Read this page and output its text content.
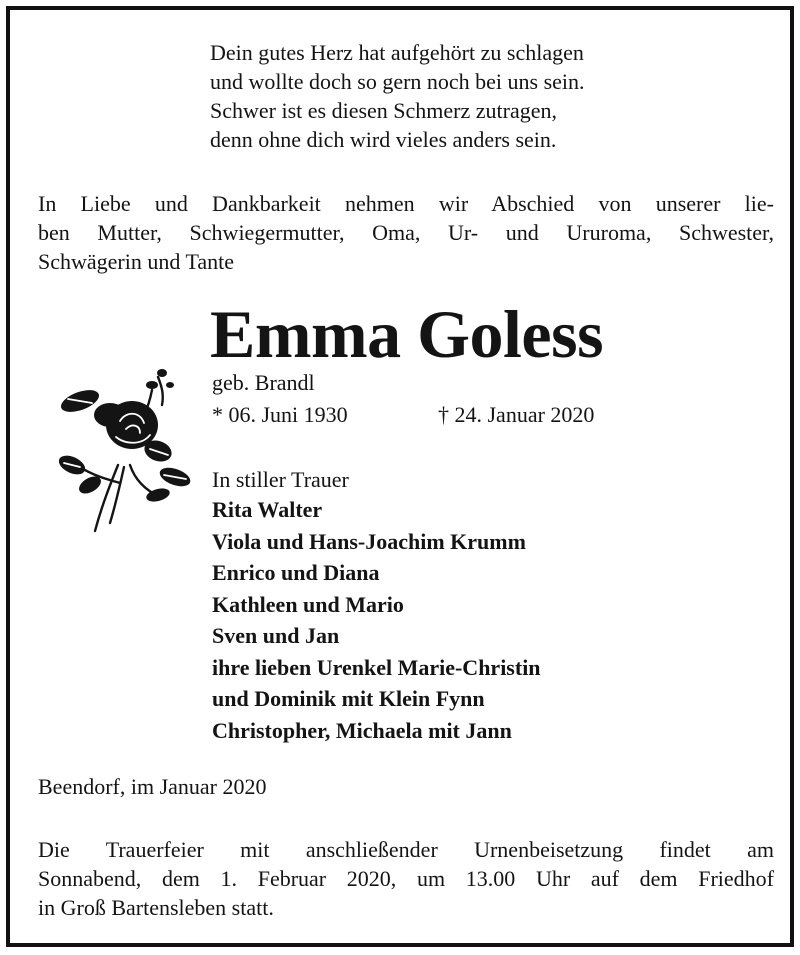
Dein gutes Herz hat aufgehört zu schlagen
und wollte doch so gern noch bei uns sein.
Schwer ist es diesen Schmerz zutragen,
denn ohne dich wird vieles anders sein.
In Liebe und Dankbarkeit nehmen wir Abschied von unserer lie-
ben Mutter, Schwiegermutter, Oma, Ur- und Ururoma, Schwester,
Schwägerin und Tante
Emma Goless
geb. Brandl
* 06. Juni 1930	† 24. Januar 2020
In stiller Trauer
Rita Walter
Viola und Hans-Joachim Krumm
Enrico und Diana
Kathleen und Mario
Sven und Jan
ihre lieben Urenkel Marie-Christin
und Dominik mit Klein Fynn
Christopher, Michaela mit Jann
Beendorf, im Januar 2020
Die Trauerfeier mit anschließender Urnenbeisetzung findet am
Sonnabend, dem 1. Februar 2020, um 13.00 Uhr auf dem Friedhof
in Groß Bartensleben statt.
